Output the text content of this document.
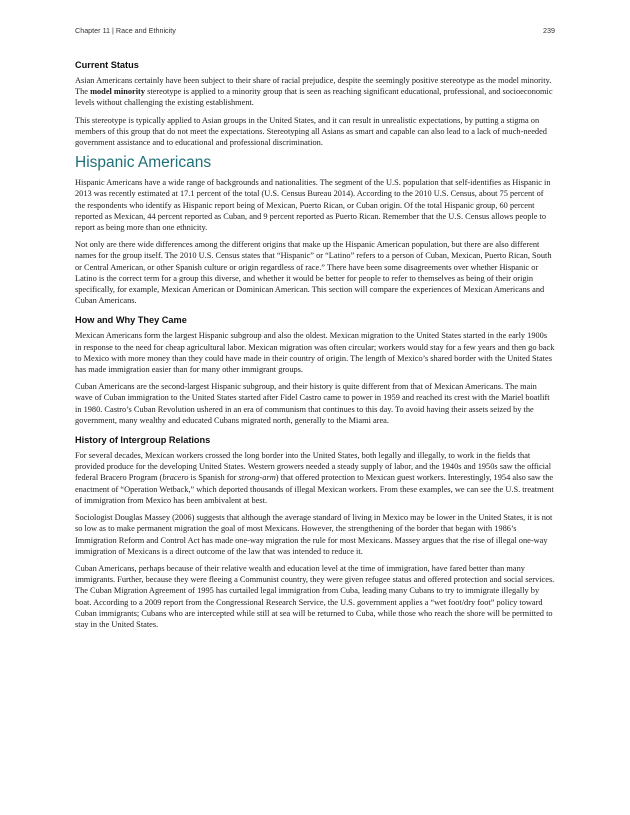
Chapter 11 | Race and Ethnicity	239
Current Status

Asian Americans certainly have been subject to their share of racial prejudice, despite the seemingly positive stereotype as the model minority. The model minority stereotype is applied to a minority group that is seen as reaching significant educational, professional, and socioeconomic levels without challenging the existing establishment.

This stereotype is typically applied to Asian groups in the United States, and it can result in unrealistic expectations, by putting a stigma on members of this group that do not meet the expectations. Stereotyping all Asians as smart and capable can also lead to a lack of much-needed government assistance and to educational and professional discrimination.

Hispanic Americans

Hispanic Americans have a wide range of backgrounds and nationalities. The segment of the U.S. population that self-identifies as Hispanic in 2013 was recently estimated at 17.1 percent of the total (U.S. Census Bureau 2014). According to the 2010 U.S. Census, about 75 percent of the respondents who identify as Hispanic report being of Mexican, Puerto Rican, or Cuban origin. Of the total Hispanic group, 60 percent reported as Mexican, 44 percent reported as Cuban, and 9 percent reported as Puerto Rican. Remember that the U.S. Census allows people to report as being more than one ethnicity.

Not only are there wide differences among the different origins that make up the Hispanic American population, but there are also different names for the group itself. The 2010 U.S. Census states that “Hispanic” or “Latino” refers to a person of Cuban, Mexican, Puerto Rican, South or Central American, or other Spanish culture or origin regardless of race.” There have been some disagreements over whether Hispanic or Latino is the correct term for a group this diverse, and whether it would be better for people to refer to themselves as being of their origin specifically, for example, Mexican American or Dominican American. This section will compare the experiences of Mexican Americans and Cuban Americans.

How and Why They Came

Mexican Americans form the largest Hispanic subgroup and also the oldest. Mexican migration to the United States started in the early 1900s in response to the need for cheap agricultural labor. Mexican migration was often circular; workers would stay for a few years and then go back to Mexico with more money than they could have made in their country of origin. The length of Mexico’s shared border with the United States has made immigration easier than for many other immigrant groups.

Cuban Americans are the second-largest Hispanic subgroup, and their history is quite different from that of Mexican Americans. The main wave of Cuban immigration to the United States started after Fidel Castro came to power in 1959 and reached its crest with the Mariel boatlift in 1980. Castro’s Cuban Revolution ushered in an era of communism that continues to this day. To avoid having their assets seized by the government, many wealthy and educated Cubans migrated north, generally to the Miami area.

History of Intergroup Relations

For several decades, Mexican workers crossed the long border into the United States, both legally and illegally, to work in the fields that provided produce for the developing United States. Western growers needed a steady supply of labor, and the 1940s and 1950s saw the official federal Bracero Program (bracero is Spanish for strong-arm) that offered protection to Mexican guest workers. Interestingly, 1954 also saw the enactment of “Operation Wetback,” which deported thousands of illegal Mexican workers. From these examples, we can see the U.S. treatment of immigration from Mexico has been ambivalent at best.

Sociologist Douglas Massey (2006) suggests that although the average standard of living in Mexico may be lower in the United States, it is not so low as to make permanent migration the goal of most Mexicans. However, the strengthening of the border that began with 1986’s Immigration Reform and Control Act has made one-way migration the rule for most Mexicans. Massey argues that the rise of illegal one-way immigration of Mexicans is a direct outcome of the law that was intended to reduce it.

Cuban Americans, perhaps because of their relative wealth and education level at the time of immigration, have fared better than many immigrants. Further, because they were fleeing a Communist country, they were given refugee status and offered protection and social services. The Cuban Migration Agreement of 1995 has curtailed legal immigration from Cuba, leading many Cubans to try to immigrate illegally by boat. According to a 2009 report from the Congressional Research Service, the U.S. government applies a “wet foot/dry foot” policy toward Cuban immigrants; Cubans who are intercepted while still at sea will be returned to Cuba, while those who reach the shore will be permitted to stay in the United States.
